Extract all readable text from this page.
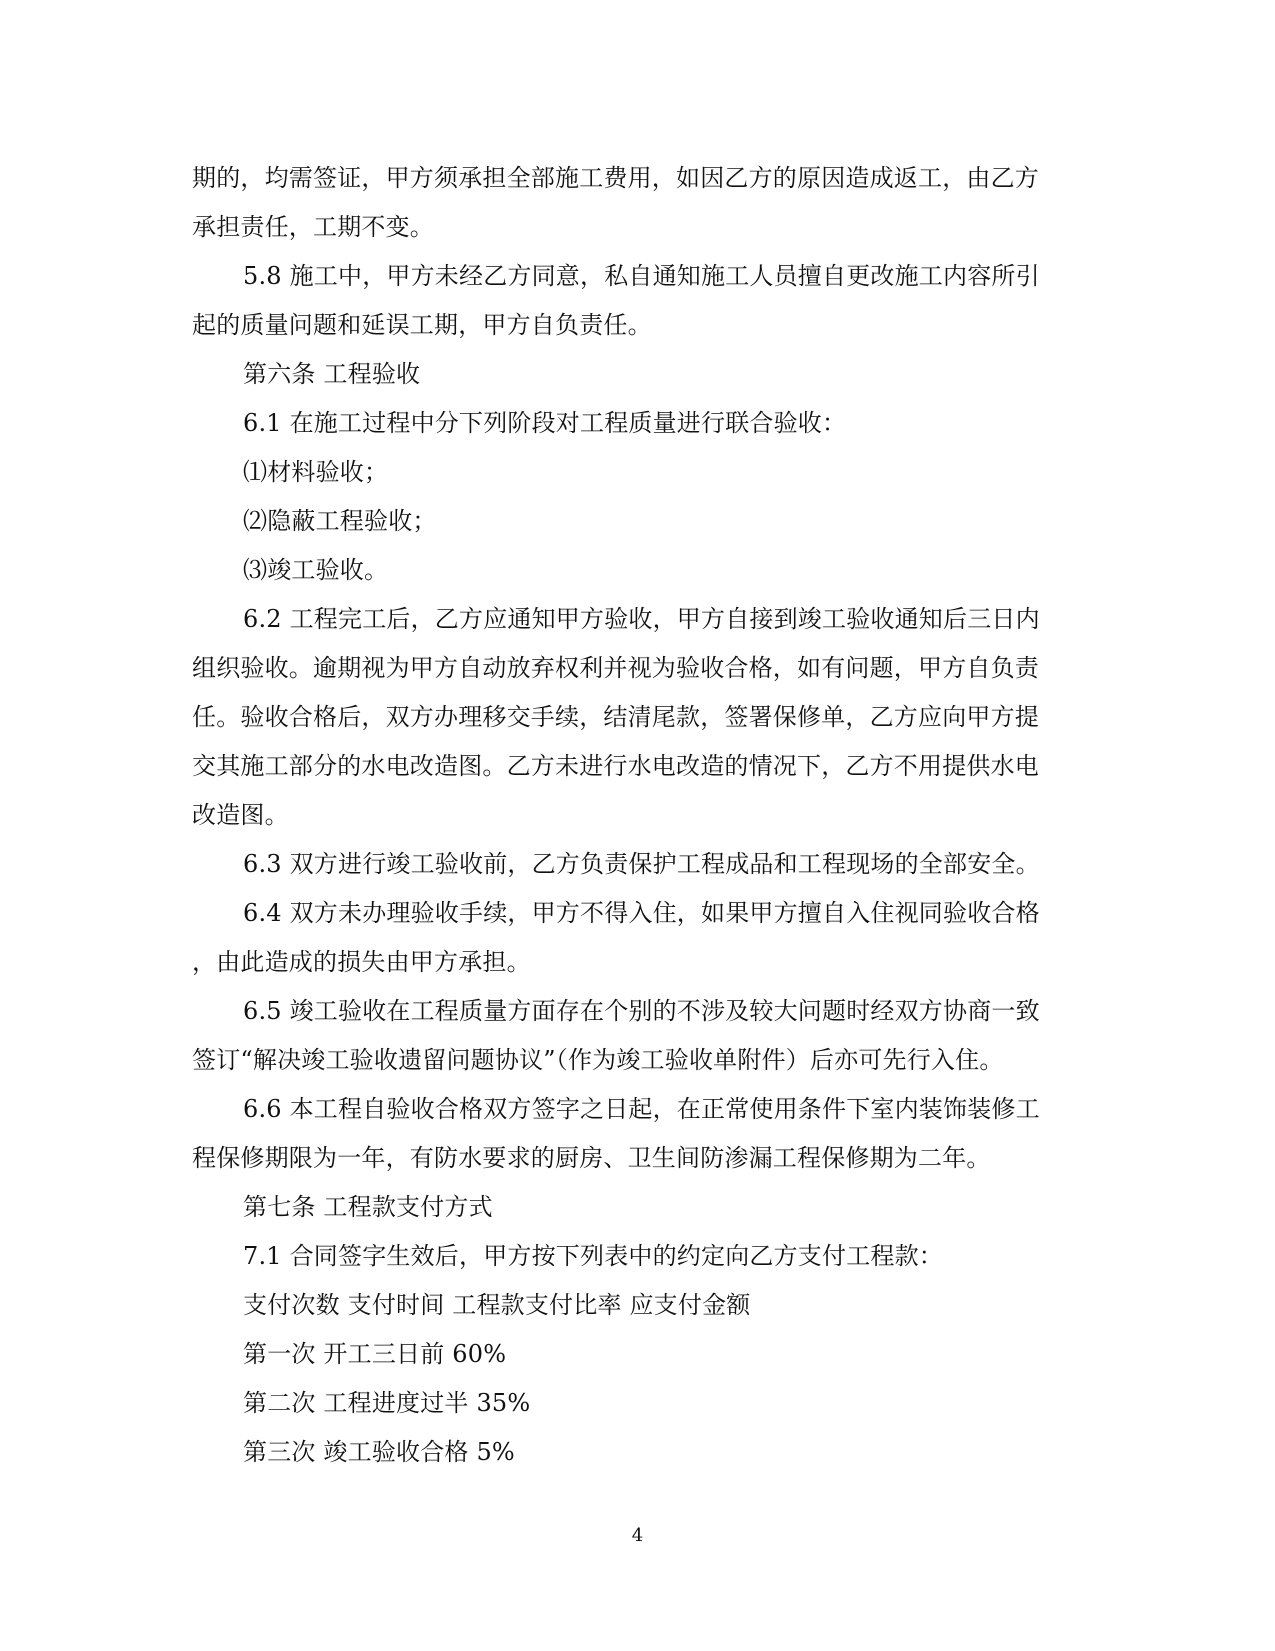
期的，均需签证，甲方须承担全部施工费用，如因乙方的原因造成返工，由乙方
承担责任，工期不变。
5.8 施工中，甲方未经乙方同意，私自通知施工人员擅自更改施工内容所引
起的质量问题和延误工期，甲方自负责任。
第六条 工程验收
6.1 在施工过程中分下列阶段对工程质量进行联合验收：
⑴材料验收；
⑵隐蔽工程验收；
⑶竣工验收。
6.2 工程完工后，乙方应通知甲方验收，甲方自接到竣工验收通知后三日内
组织验收。逾期视为甲方自动放弃权利并视为验收合格，如有问题，甲方自负责
任。验收合格后，双方办理移交手续，结清尾款，签署保修单，乙方应向甲方提
交其施工部分的水电改造图。乙方未进行水电改造的情况下，乙方不用提供水电
改造图。
6.3 双方进行竣工验收前，乙方负责保护工程成品和工程现场的全部安全。
6.4 双方未办理验收手续，甲方不得入住，如果甲方擅自入住视同验收合格
，由此造成的损失由甲方承担。
6.5 竣工验收在工程质量方面存在个别的不涉及较大问题时经双方协商一致
签订“解决竣工验收遗留问题协议”（作为竣工验收单附件）后亦可先行入住。
6.6 本工程自验收合格双方签字之日起，在正常使用条件下室内装饰装修工
程保修期限为一年，有防水要求的厨房、卫生间防渗漏工程保修期为二年。
第七条 工程款支付方式
7.1 合同签字生效后，甲方按下列表中的约定向乙方支付工程款：
支付次数 支付时间 工程款支付比率 应支付金额
第一次 开工三日前 60%
第二次 工程进度过半 35%
第三次 竣工验收合格 5%
4
